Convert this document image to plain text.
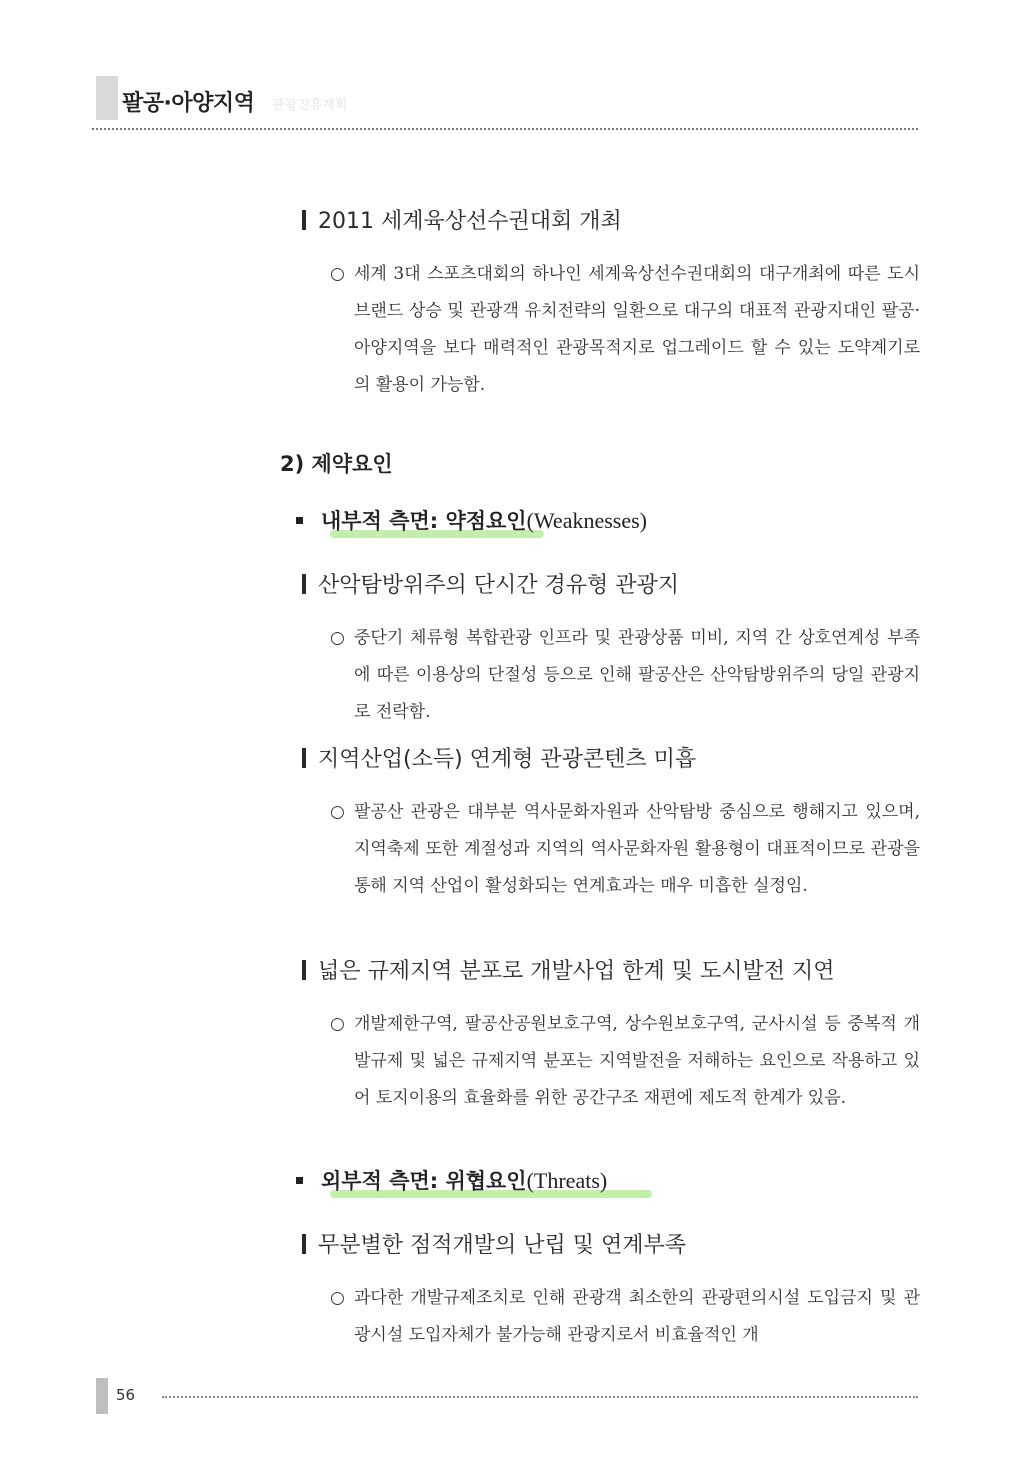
팔공·아양지역 관광진흥계획
2011 세계육상선수권대회 개최
○ 세계 3대 스포츠대회의 하나인 세계육상선수권대회의 대구개최에 따른 도시브랜드 상승 및 관광객 유치전략의 일환으로 대구의 대표적 관광지대인 팔공·아양지역을 보다 매력적인 관광목적지로 업그레이드 할 수 있는 도약계기로의 활용이 가능함.
2) 제약요인
내부적 측면: 약점요인(Weaknesses)
산악탐방위주의 단시간 경유형 관광지
○ 중단기 체류형 복합관광 인프라 및 관광상품 미비, 지역 간 상호연계성 부족에 따른 이용상의 단절성 등으로 인해 팔공산은 산악탐방위주의 당일 관광지로 전락함.
지역산업(소득) 연계형 관광콘텐츠 미흡
○ 팔공산 관광은 대부분 역사문화자원과 산악탐방 중심으로 행해지고 있으며, 지역축제 또한 계절성과 지역의 역사문화자원 활용형이 대표적이므로 관광을 통해 지역 산업이 활성화되는 연계효과는 매우 미흡한 실정임.
넓은 규제지역 분포로 개발사업 한계 및 도시발전 지연
○ 개발제한구역, 팔공산공원보호구역, 상수원보호구역, 군사시설 등 중복적 개발규제 및 넓은 규제지역 분포는 지역발전을 저해하는 요인으로 작용하고 있어 토지이용의 효율화를 위한 공간구조 재편에 제도적 한계가 있음.
외부적 측면: 위협요인(Threats)
무분별한 점적개발의 난립 및 연계부족
○ 과다한 개발규제조치로 인해 관광객 최소한의 관광편의시설 도입금지 및 관광시설 도입자체가 불가능해 관광지로서 비효율적인 개
56
